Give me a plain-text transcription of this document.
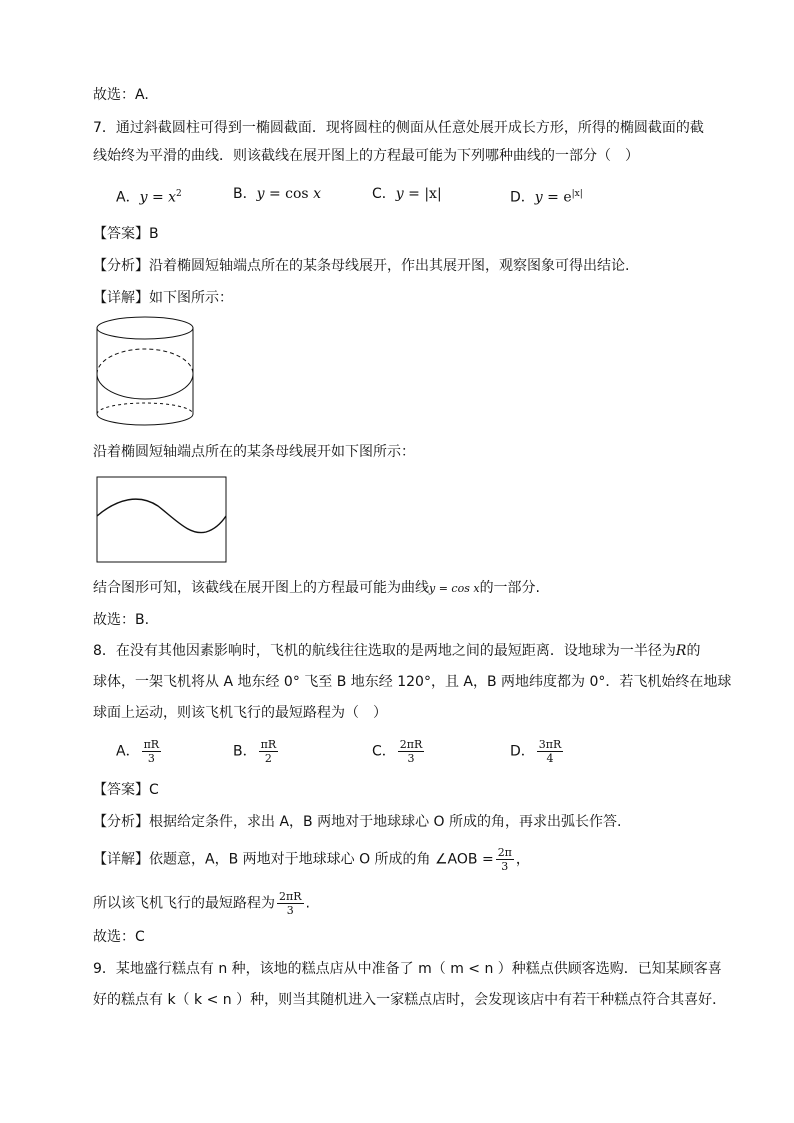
故选：A.
7．通过斜截圆柱可得到一椭圆截面．现将圆柱的侧面从任意处展开成长方形，所得的椭圆截面的截
线始终为平滑的曲线．则该截线在展开图上的方程最可能为下列哪种曲线的一部分（　）
A．$y = x^2$	B．y = cos x	C．y = |x|	D．$y = e^{|x|}$
【答案】B
【分析】沿着椭圆短轴端点所在的某条母线展开，作出其展开图，观察图象可得出结论.
【详解】如下图所示：
沿着椭圆短轴端点所在的某条母线展开如下图所示：
结合图形可知，该截线在展开图上的方程最可能为曲线y = cos x的一部分.
故选：B.
8．在没有其他因素影响时，飞机的航线往往选取的是两地之间的最短距离．设地球为一半径为R的
球体，一架飞机将从 A 地东经 0° 飞至 B 地东经 120°，且 A，B 两地纬度都为 0°．若飞机始终在地球
球面上运动，则该飞机飞行的最短路程为（　）
A． $\frac{\pi R}{3}$	B． $\frac{\pi R}{2}$	C． $\frac{2\pi R}{3}$	D． $\frac{3\pi R}{4}$
【答案】C
【分析】根据给定条件，求出 A，B 两地对于地球球心 O 所成的角，再求出弧长作答.
【详解】依题意，A，B 两地对于地球球心 O 所成的角 ∠AOB = $\frac{2\pi}{3}$ ，
所以该飞机飞行的最短路程为 $\frac{2\pi R}{3}$ .
故选：C
9．某地盛行糕点有 n 种，该地的糕点店从中准备了 m（ m < n ）种糕点供顾客选购．已知某顾客喜
好的糕点有 k（ k < n ）种，则当其随机进入一家糕点店时，会发现该店中有若干种糕点符合其喜好．
